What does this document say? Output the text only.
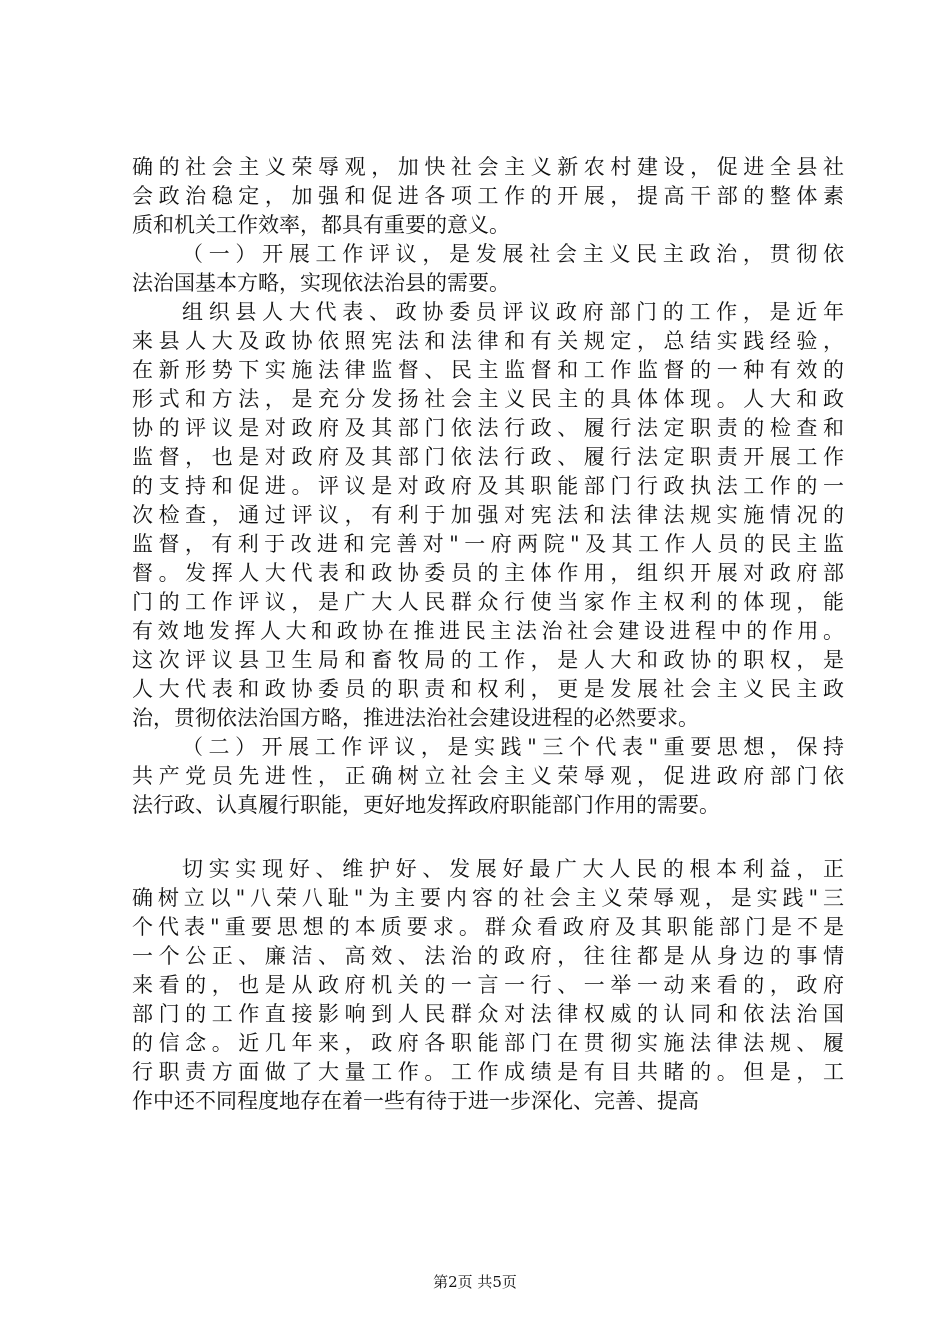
确的社会主义荣辱观，加快社会主义新农村建设，促进全县社
会政治稳定，加强和促进各项工作的开展，提高干部的整体素
质和机关工作效率，都具有重要的意义。
（一）开展工作评议，是发展社会主义民主政治，贯彻依
法治国基本方略，实现依法治县的需要。
组织县人大代表、政协委员评议政府部门的工作，是近年
来县人大及政协依照宪法和法律和有关规定，总结实践经验，
在新形势下实施法律监督、民主监督和工作监督的一种有效的
形式和方法，是充分发扬社会主义民主的具体体现。人大和政
协的评议是对政府及其部门依法行政、履行法定职责的检查和
监督，也是对政府及其部门依法行政、履行法定职责开展工作
的支持和促进。评议是对政府及其职能部门行政执法工作的一
次检查，通过评议，有利于加强对宪法和法律法规实施情况的
监督，有利于改进和完善对"一府两院"及其工作人员的民主监
督。发挥人大代表和政协委员的主体作用，组织开展对政府部
门的工作评议，是广大人民群众行使当家作主权利的体现，能
有效地发挥人大和政协在推进民主法治社会建设进程中的作用。
这次评议县卫生局和畜牧局的工作，是人大和政协的职权，是
人大代表和政协委员的职责和权利，更是发展社会主义民主政
治，贯彻依法治国方略，推进法治社会建设进程的必然要求。
（二）开展工作评议，是实践"三个代表"重要思想，保持
共产党员先进性，正确树立社会主义荣辱观，促进政府部门依
法行政、认真履行职能，更好地发挥政府职能部门作用的需要。
切实实现好、维护好、发展好最广大人民的根本利益，正
确树立以"八荣八耻"为主要内容的社会主义荣辱观，是实践"三
个代表"重要思想的本质要求。群众看政府及其职能部门是不是
一个公正、廉洁、高效、法治的政府，往往都是从身边的事情
来看的，也是从政府机关的一言一行、一举一动来看的，政府
部门的工作直接影响到人民群众对法律权威的认同和依法治国
的信念。近几年来，政府各职能部门在贯彻实施法律法规、履
行职责方面做了大量工作。工作成绩是有目共睹的。但是，工
作中还不同程度地存在着一些有待于进一步深化、完善、提高
第2页 共5页
